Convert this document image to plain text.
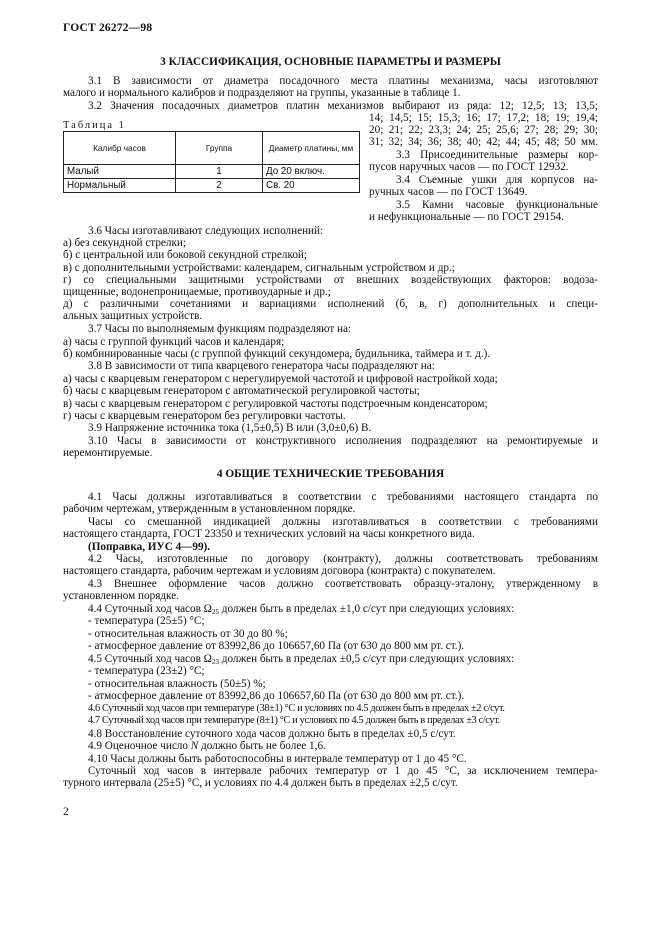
ГОСТ 26272—98
3 КЛАССИФИКАЦИЯ, ОСНОВНЫЕ ПАРАМЕТРЫ И РАЗМЕРЫ
3.1 В зависимости от диаметра посадочного места платины механизма, часы изготовляют
малого и нормального калибров и подразделяют на группы, указанные в таблице 1.
3.2 Значения посадочных диаметров платин механизмов выбирают из ряда: 12; 12,5; 13; 13,5;
Таблица 1
Калибр часов	Группа	Диаметр платины, мм
Малый	1	До 20 включ.
Нормальный	2	Св. 20
14; 14,5; 15; 15,3; 16; 17; 17,2; 18; 19; 19,4;
20; 21; 22; 23,3; 24; 25; 25,6; 27; 28; 29; 30;
31; 32; 34; 36; 38; 40; 42; 44; 45; 48; 50 мм.
3.3 Присоединительные размеры кор-
пусов наручных часов — по ГОСТ 12932.
3.4 Съемные ушки для корпусов на-
ручных часов — по ГОСТ 13649.
3.5 Камни часовые функциональные
и нефункциональные — по ГОСТ 29154.
3.6 Часы изготавливают следующих исполнений:
а) без секундной стрелки;
б) с центральной или боковой секундной стрелкой;
в) с дополнительными устройствами: календарем, сигнальным устройством и др.;
г) со специальными защитными устройствами от внешних воздействующих факторов: водоза-
щищенные, водонепроницаемые, противоударные и др.;
д) с различными сочетаниями и вариациями исполнений (б, в, г) дополнительных и специ-
альных защитных устройств.
3.7 Часы по выполняемым функциям подразделяют на:
а) часы с группой функций часов и календаря;
б) комбинированные часы (с группой функций секундомера, будильника, таймера и т. д.).
3.8 В зависимости от типа кварцевого генератора часы подразделяют на:
а) часы с кварцевым генератором с нерегулируемой частотой и цифровой настройкой хода;
б) часы с кварцевым генератором с автоматической регулировкой частоты;
в) часы с кварцевым генератором с регулировкой частоты подстроечным конденсатором;
г) часы с кварцевым генератором без регулировки частоты.
3.9 Напряжение источника тока (1,5±0,5) В или (3,0±0,6) В.
3.10 Часы в зависимости от конструктивного исполнения подразделяют на ремонтируемые и
неремонтируемые.
4 ОБЩИЕ ТЕХНИЧЕСКИЕ ТРЕБОВАНИЯ
4.1 Часы должны изготавливаться в соответствии с требованиями настоящего стандарта по
рабочим чертежам, утвержденным в установленном порядке.
Часы со смешанной индикацией должны изготавливаться в соответствии с требованиями
настоящего стандарта, ГОСТ 23350 и технических условий на часы конкретного вида.
(Поправка, ИУС 4—99).
4.2 Часы, изготовленные по договору (контракту), должны соответствовать требованиям
настоящего стандарта, рабочим чертежам и условиям договора (контракта) с покупателем.
4.3 Внешнее оформление часов должно соответствовать образцу-эталону, утвержденному в
установленном порядке.
4.4 Суточный ход часов $\Omega_{25}$ должен быть в пределах ±1,0 с/сут при следующих условиях:
- температура (25±5) °С;
- относительная влажность от 30 до 80 %;
- атмосферное давление от 83992,86 до 106657,60 Па (от 630 до 800 мм рт. ст.).
4.5 Суточный ход часов $\Omega_{23}$ должен быть в пределах ±0,5 с/сут при следующих условиях:
- температура (23±2) °С;
- относительная влажность (50±5) %;
- атмосферное давление от 83992,86 до 106657,60 Па (от 630 до 800 мм рт. ст.).
4.6 Суточный ход часов при температуре (38±1) °С и условиях по 4.5 должен быть в пределах ±2 с/сут.
4.7 Суточный ход часов при температуре (8±1) °С и условиях по 4.5 должен быть в пределах ±3 с/сут.
4.8 Восстановление суточного хода часов должно быть в пределах ±0,5 с/сут.
4.9 Оценочное число N должно быть не более 1,6.
4.10 Часы должны быть работоспособны в интервале температур от 1 до 45 °С.
Суточный ход часов в интервале рабочих температур от 1 до 45 °С, за исключением темпера-
турного интервала (25±5) °С, и условиях по 4.4 должен быть в пределах ±2,5 с/сут.
2
